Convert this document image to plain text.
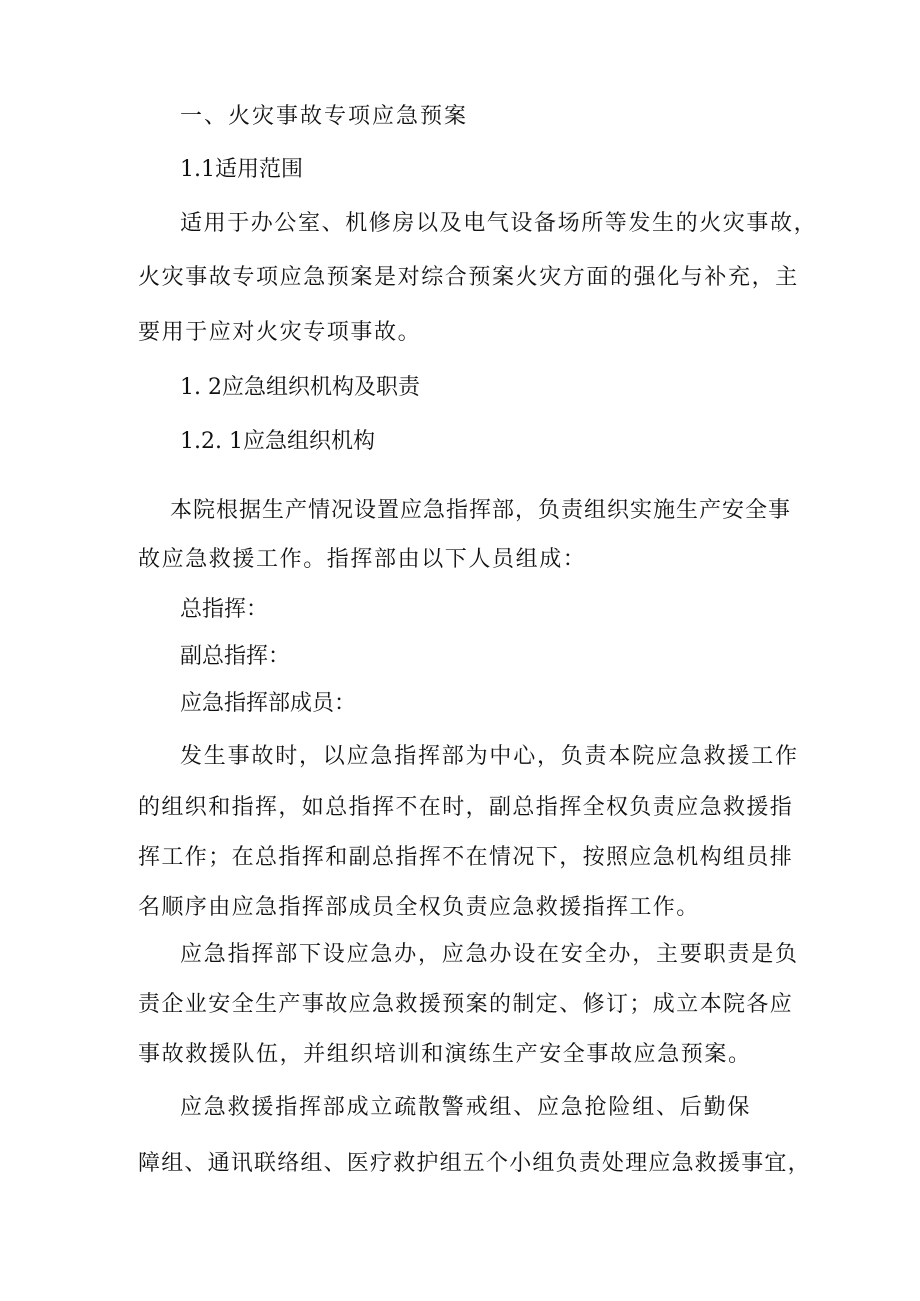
一、火灾事故专项应急预案
1.1适用范围
适用于办公室、机修房以及电气设备场所等发生的火灾事故，
火灾事故专项应急预案是对综合预案火灾方面的强化与补充，主
要用于应对火灾专项事故。
1. 2应急组织机构及职责
1.2. 1应急组织机构
本院根据生产情况设置应急指挥部，负责组织实施生产安全事
故应急救援工作。指挥部由以下人员组成：
总指挥：
副总指挥：
应急指挥部成员：
发生事故时，以应急指挥部为中心，负责本院应急救援工作
的组织和指挥，如总指挥不在时，副总指挥全权负责应急救援指
挥工作；在总指挥和副总指挥不在情况下，按照应急机构组员排
名顺序由应急指挥部成员全权负责应急救援指挥工作。
应急指挥部下设应急办，应急办设在安全办，主要职责是负
责企业安全生产事故应急救援预案的制定、修订；成立本院各应
事故救援队伍，并组织培训和演练生产安全事故应急预案。
应急救援指挥部成立疏散警戒组、应急抢险组、后勤保
障组、通讯联络组、医疗救护组五个小组负责处理应急救援事宜，
